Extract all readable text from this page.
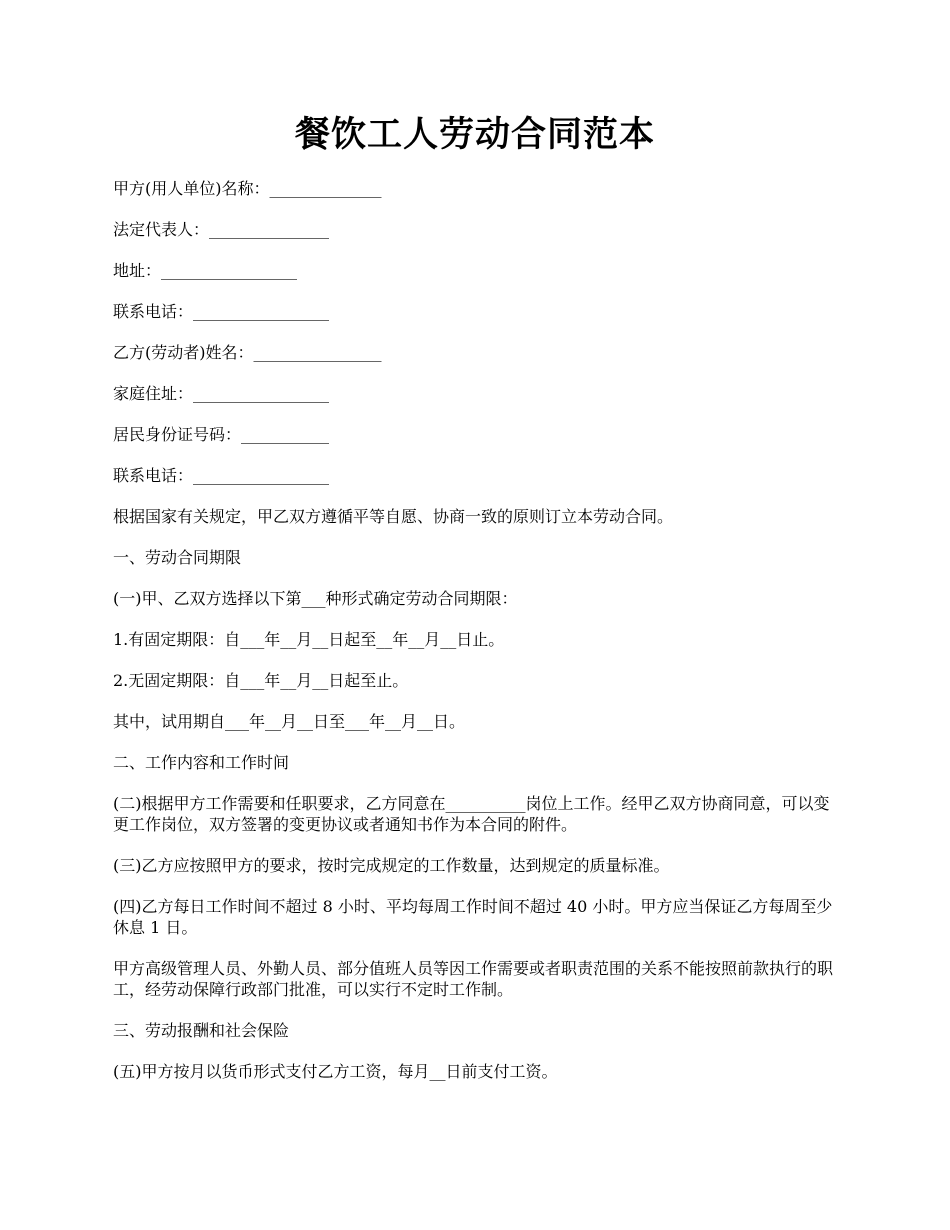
餐饮工人劳动合同范本

甲方(用人单位)名称：______________

法定代表人：_______________

地址：_________________

联系电话：_________________

乙方(劳动者)姓名：________________

家庭住址：_________________

居民身份证号码：___________

联系电话：_________________

根据国家有关规定，甲乙双方遵循平等自愿、协商一致的原则订立本劳动合同。

一、劳动合同期限

(一)甲、乙双方选择以下第___种形式确定劳动合同期限：

1.有固定期限：自___年__月__日起至__年__月__日止。

2.无固定期限：自___年__月__日起至止。

其中，试用期自___年__月__日至___年__月__日。

二、工作内容和工作时间

(二)根据甲方工作需要和任职要求，乙方同意在__________岗位上工作。经甲乙双方协商同意，可以变更工作岗位，双方签署的变更协议或者通知书作为本合同的附件。

(三)乙方应按照甲方的要求，按时完成规定的工作数量，达到规定的质量标准。

(四)乙方每日工作时间不超过 8 小时、平均每周工作时间不超过 40 小时。甲方应当保证乙方每周至少休息 1 日。

甲方高级管理人员、外勤人员、部分值班人员等因工作需要或者职责范围的关系不能按照前款执行的职工，经劳动保障行政部门批准，可以实行不定时工作制。

三、劳动报酬和社会保险

(五)甲方按月以货币形式支付乙方工资，每月__日前支付工资。
